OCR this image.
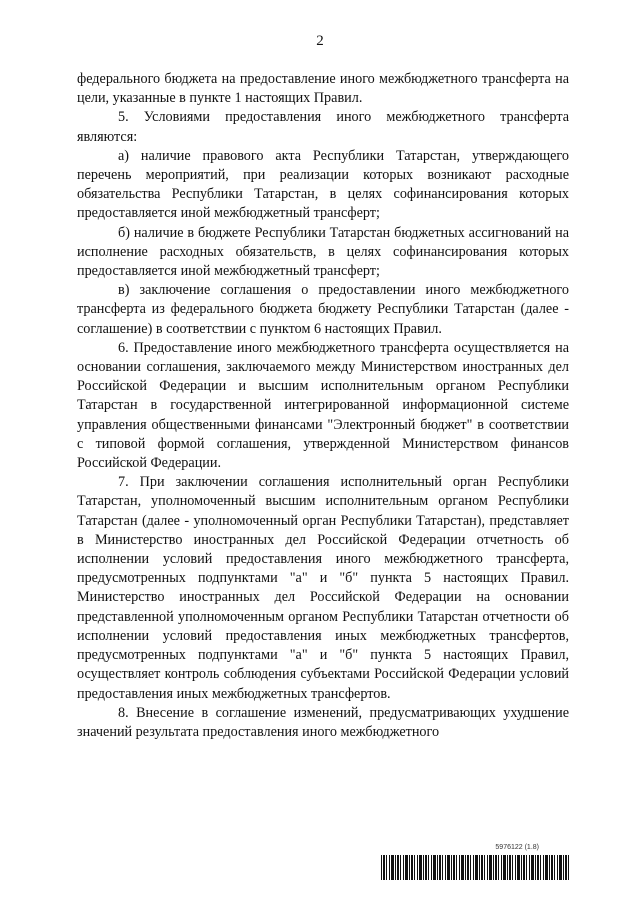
2

федерального бюджета на предоставление иного межбюджетного трансферта на цели, указанные в пункте 1 настоящих Правил.

5. Условиями предоставления иного межбюджетного трансферта являются:

а) наличие правового акта Республики Татарстан, утверждающего перечень мероприятий, при реализации которых возникают расходные обязательства Республики Татарстан, в целях софинансирования которых предоставляется иной межбюджетный трансферт;

б) наличие в бюджете Республики Татарстан бюджетных ассигнований на исполнение расходных обязательств, в целях софинансирования которых предоставляется иной межбюджетный трансферт;

в) заключение соглашения о предоставлении иного межбюджетного трансферта из федерального бюджета бюджету Республики Татарстан (далее - соглашение) в соответствии с пунктом 6 настоящих Правил.

6. Предоставление иного межбюджетного трансферта осуществляется на основании соглашения, заключаемого между Министерством иностранных дел Российской Федерации и высшим исполнительным органом Республики Татарстан в государственной интегрированной информационной системе управления общественными финансами "Электронный бюджет" в соответствии с типовой формой соглашения, утвержденной Министерством финансов Российской Федерации.

7. При заключении соглашения исполнительный орган Республики Татарстан, уполномоченный высшим исполнительным органом Республики Татарстан (далее - уполномоченный орган Республики Татарстан), представляет в Министерство иностранных дел Российской Федерации отчетность об исполнении условий предоставления иного межбюджетного трансферта, предусмотренных подпунктами "а" и "б" пункта 5 настоящих Правил. Министерство иностранных дел Российской Федерации на основании представленной уполномоченным органом Республики Татарстан отчетности об исполнении условий предоставления иных межбюджетных трансфертов, предусмотренных подпунктами "а" и "б" пункта 5 настоящих Правил, осуществляет контроль соблюдения субъектами Российской Федерации условий предоставления иных межбюджетных трансфертов.

8. Внесение в соглашение изменений, предусматривающих ухудшение значений результата предоставления иного межбюджетного

5976122 (1.8)
